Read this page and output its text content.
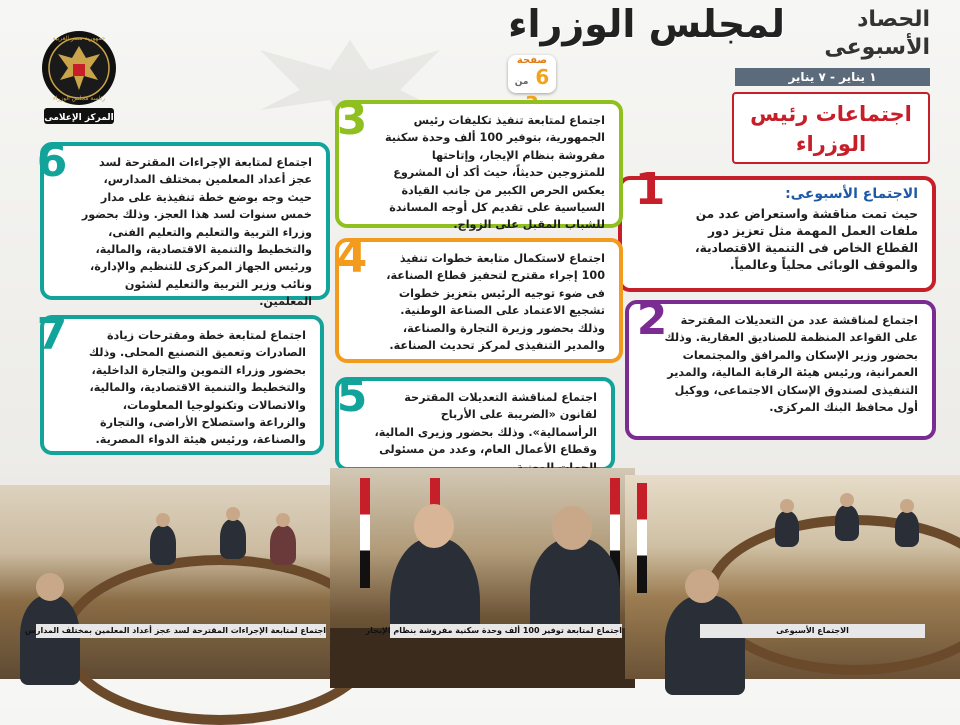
لمجلس الوزراء	الحصاد
الأسبوعى
١ يناير - ٧ يناير
صفحة
6 من
المركز الإعلامى
جمهورية مصر العربية
رئاسة مجلس الوزراء
اجتماعات رئيس الوزراء
الاجتماع الأسبوعى:
حيث تمت مناقشة واستعراض عدد من ملفات العمل المهمة مثل تعزيز دور القطاع الخاص فى التنمية الاقتصادية، والموقف الوبائى محلياً وعالمياً.
1
اجتماع لمناقشة عدد من التعديلات المقترحة على القواعد المنظمة للصناديق العقارية. وذلك بحضور وزير الإسكان والمرافق والمجتمعات العمرانية، ورئيس هيئة الرقابة المالية، والمدير التنفيذى لصندوق الإسكان الاجتماعى، ووكيل أول محافظ البنك المركزى.
2
اجتماع لمتابعة تنفيذ تكليفات رئيس الجمهورية، بتوفير 100 ألف وحدة سكنية مفروشة بنظام الإيجار، وإتاحتها للمتزوجين حديثاً، حيث أكد أن المشروع يعكس الحرص الكبير من جانب القيادة السياسية على تقديم كل أوجه المساندة للشباب المقبل على الزواج.
3
اجتماع لاستكمال متابعة خطوات تنفيذ 100 إجراء مقترح لتحفيز قطاع الصناعة، فى ضوء توجيه الرئيس بتعزيز خطوات تشجيع الاعتماد على الصناعة الوطنية. وذلك بحضور وزيرة التجارة والصناعة، والمدير التنفيذى لمركز تحديث الصناعة.
4
اجتماع لمناقشة التعديلات المقترحة لقانون «الضريبة على الأرباح الرأسمالية». وذلك بحضور وزيرى المالية، وقطاع الأعمال العام، وعدد من مسئولى
5
اجتماع لمتابعة الإجراءات المقترحة لسد عجز أعداد المعلمين بمختلف المدارس، حيث وجه بوضع خطة تنفيذية على مدار خمس سنوات لسد هذا العجز. وذلك بحضور وزراء التربية والتعليم والتعليم الفنى، والتخطيط والتنمية الاقتصادية، والمالية، ورئيس الجهاز المركزى للتنظيم والإدارة، ونائب وزير التربية والتعليم لشئون المعلمين.
6
اجتماع لمتابعة خطة ومقترحات زيادة الصادرات وتعميق التصنيع المحلى. وذلك بحضور وزراء التموين والتجارة الداخلية، والتخطيط والتنمية الاقتصادية، والمالية، والاتصالات وتكنولوجيا المعلومات، والزراعة واستصلاح الأراضى، والتجارة والصناعة، ورئيس هيئة الدواء المصرية.
7
اجتماع لمتابعة الإجراءات المقترحة لسد عجز أعداد المعلمين بمختلف المدارس	اجتماع لمتابعة توفير 100 ألف وحدة سكنية مفروشة بنظام الإيجار	الاجتماع الأسبوعى
